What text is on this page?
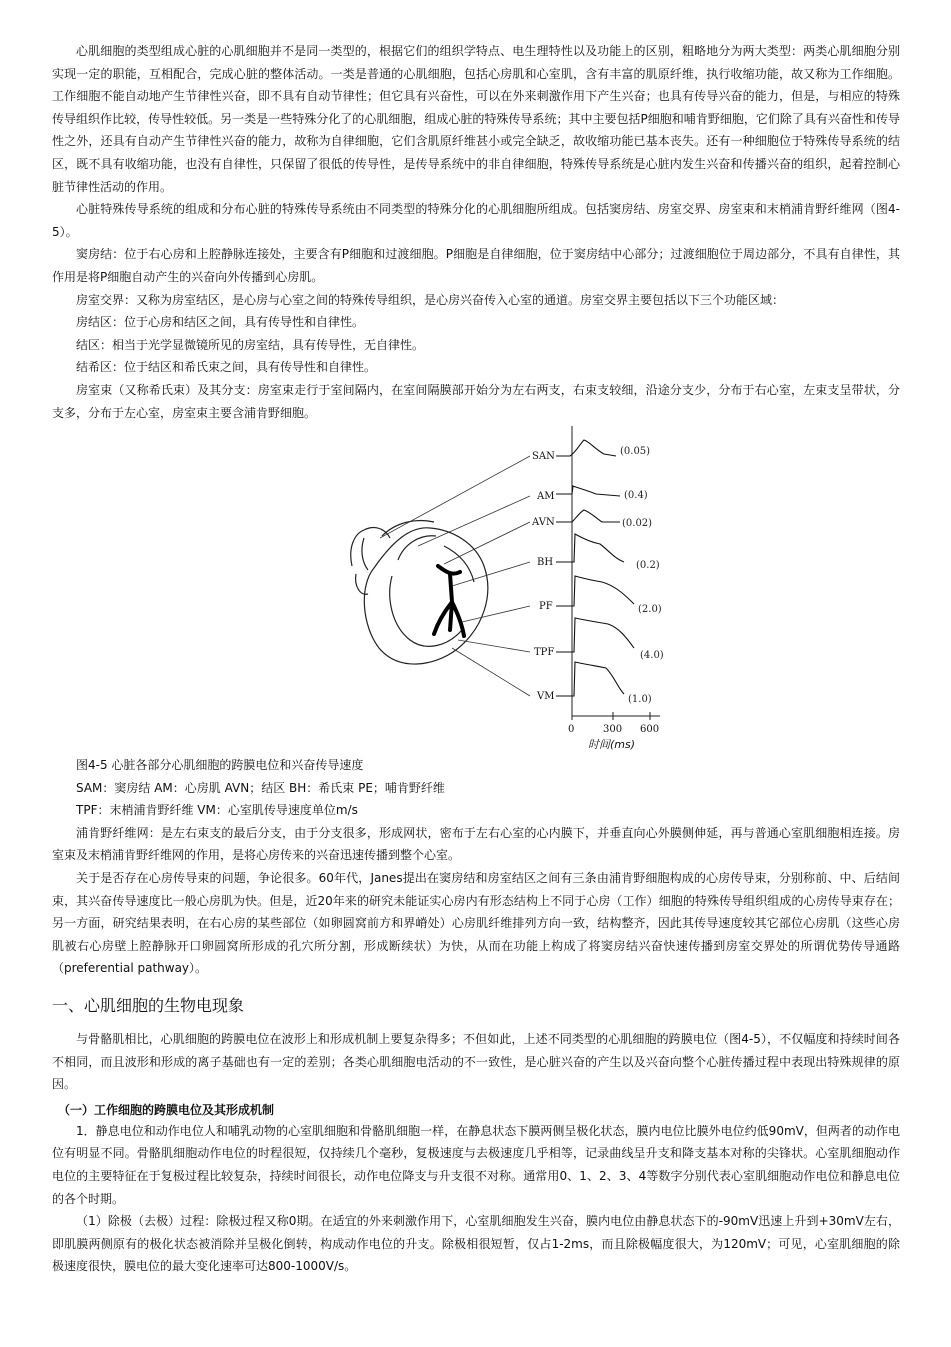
心肌细胞的类型组成心脏的心肌细胞并不是同一类型的，根据它们的组织学特点、电生理特性以及功能上的区别，粗略地分为两大类型：两类心肌细胞分别实现一定的职能，互相配合，完成心脏的整体活动。一类是普通的心肌细胞，包括心房肌和心室肌，含有丰富的肌原纤维，执行收缩功能，故又称为工作细胞。工作细胞不能自动地产生节律性兴奋，即不具有自动节律性；但它具有兴奋性，可以在外来刺激作用下产生兴奋；也具有传导兴奋的能力，但是，与相应的特殊传导组织作比较，传导性较低。另一类是一些特殊分化了的心肌细胞，组成心脏的特殊传导系统；其中主要包括P细胞和哺肯野细胞，它们除了具有兴奋性和传导性之外，还具有自动产生节律性兴奋的能力，故称为自律细胞，它们含肌原纤维甚小或完全缺乏，故收缩功能已基本丧失。还有一种细胞位于特殊传导系统的结区，既不具有收缩功能，也没有自律性，只保留了很低的传导性，是传导系统中的非自律细胞，特殊传导系统是心脏内发生兴奋和传播兴奋的组织，起着控制心脏节律性活动的作用。

心脏特殊传导系统的组成和分布心脏的特殊传导系统由不同类型的特殊分化的心肌细胞所组成。包括窦房结、房室交界、房室束和末梢浦肯野纤维网（图4-5）。

窦房结：位于右心房和上腔静脉连接处，主要含有P细胞和过渡细胞。P细胞是自律细胞，位于窦房结中心部分；过渡细胞位于周边部分，不具有自律性，其作用是将P细胞自动产生的兴奋向外传播到心房肌。

房室交界：又称为房室结区，是心房与心室之间的特殊传导组织，是心房兴奋传入心室的通道。房室交界主要包括以下三个功能区域：

房结区：位于心房和结区之间，具有传导性和自律性。

结区：相当于光学显微镜所见的房室结，具有传导性，无自律性。

结希区：位于结区和希氏束之间，具有传导性和自律性。

房室束（又称希氏束）及其分支：房室束走行于室间隔内，在室间隔膜部开始分为左右两支，右束支较细，沿途分支少，分布于右心室，左束支呈带状，分支多，分布于左心室，房室束主要含浦肯野细胞。

SAN
AM
AVN
BH
PF
TPF
VM
(0.05)
(0.4)
(0.02)
(0.2)
(2.0)
(4.0)
(1.0)
0	300 600
时间(ms)

图4-5 心脏各部分心肌细胞的跨膜电位和兴奋传导速度

SAM：窦房结 AM：心房肌 AVN；结区 BH：希氏束 PE；哺肯野纤维

TPF：末梢浦肯野纤维 VM：心室肌传导速度单位m/s

浦肯野纤维网：是左右束支的最后分支，由于分支很多，形成网状，密布于左右心室的心内膜下，并垂直向心外膜侧伸延，再与普通心室肌细胞相连接。房室束及末梢浦肯野纤维网的作用，是将心房传来的兴奋迅速传播到整个心室。

关于是否存在心房传导束的问题，争论很多。60年代，Janes提出在窦房结和房室结区之间有三条由浦肯野细胞构成的心房传导束，分别称前、中、后结间束，其兴奋传导速度比一般心房肌为快。但是，近20年来的研究未能证实心房内有形态结构上不同于心房（工作）细胞的特殊传导组织组成的心房传导束存在；另一方面，研究结果表明，在右心房的某些部位（如卵圆窝前方和界嵴处）心房肌纤维排列方向一致，结构整齐，因此其传导速度较其它部位心房肌（这些心房肌被右心房壁上腔静脉开口卵圆窝所形成的孔穴所分割，形成断续状）为快，从而在功能上构成了将窦房结兴奋快速传播到房室交界处的所谓优势传导通路（preferential pathway）。

一、心肌细胞的生物电现象

与骨骼肌相比，心肌细胞的跨膜电位在波形上和形成机制上要复杂得多；不但如此，上述不同类型的心肌细胞的跨膜电位（图4-5），不仅幅度和持续时间各不相同，而且波形和形成的离子基础也有一定的差别；各类心肌细胞电活动的不一致性，是心脏兴奋的产生以及兴奋向整个心脏传播过程中表现出特殊规律的原因。

（一）工作细胞的跨膜电位及其形成机制

1．静息电位和动作电位人和哺乳动物的心室肌细胞和骨骼肌细胞一样，在静息状态下膜两侧呈极化状态，膜内电位比膜外电位约低90mV，但两者的动作电位有明显不同。骨骼肌细胞动作电位的时程很短，仅持续几个毫秒，复极速度与去极速度几乎相等，记录曲线呈升支和降支基本对称的尖锋状。心室肌细胞动作电位的主要特征在于复极过程比较复杂，持续时间很长，动作电位降支与升支很不对称。通常用0、1、2、3、4等数字分别代表心室肌细胞动作电位和静息电位的各个时期。

（1）除极（去极）过程：除极过程又称0期。在适宜的外来刺激作用下，心室肌细胞发生兴奋，膜内电位由静息状态下的-90mV迅速上升到+30mV左右，即肌膜两侧原有的极化状态被消除并呈极化倒转，构成动作电位的升支。除极相很短暂，仅占1-2ms，而且除极幅度很大，为120mV；可见，心室肌细胞的除极速度很快，膜电位的最大变化速率可达800-1000V/s。
